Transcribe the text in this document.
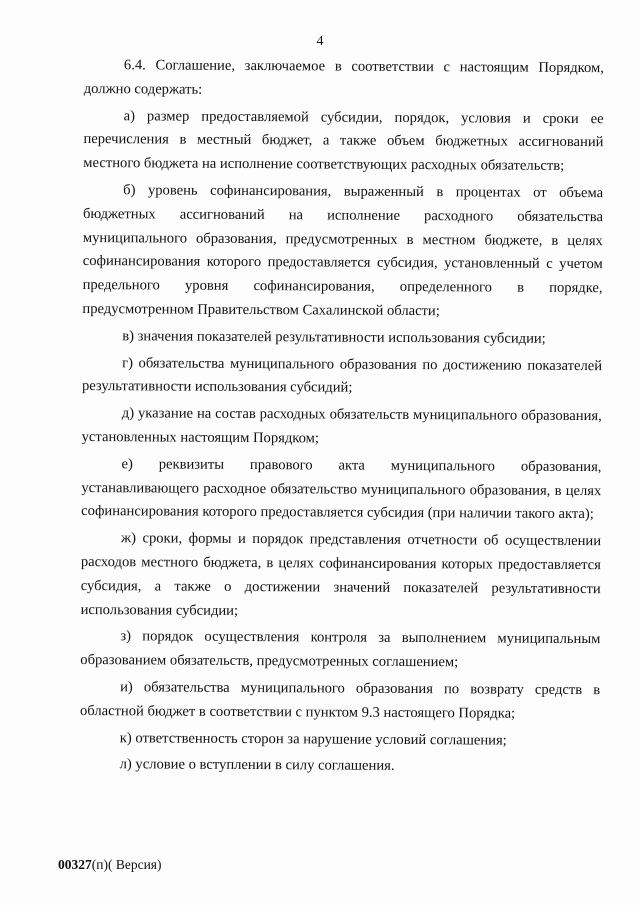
4

6.4. Соглашение, заключаемое в соответствии с настоящим Порядком, должно содержать:

а) размер предоставляемой субсидии, порядок, условия и сроки ее перечисления в местный бюджет, а также объем бюджетных ассигнований местного бюджета на исполнение соответствующих расходных обязательств;

б) уровень софинансирования, выраженный в процентах от объема бюджетных ассигнований на исполнение расходного обязательства муниципального образования, предусмотренных в местном бюджете, в целях софинансирования которого предоставляется субсидия, установленный с учетом предельного уровня софинансирования, определенного в порядке, предусмотренном Правительством Сахалинской области;

в) значения показателей результативности использования субсидии;

г) обязательства муниципального образования по достижению показателей результативности использования субсидий;

д) указание на состав расходных обязательств муниципального образования, установленных настоящим Порядком;

е) реквизиты правового акта муниципального образования, устанавливающего расходное обязательство муниципального образования, в целях софинансирования которого предоставляется субсидия (при наличии такого акта);

ж) сроки, формы и порядок представления отчетности об осуществлении расходов местного бюджета, в целях софинансирования которых предоставляется субсидия, а также о достижении значений показателей результативности использования субсидии;

з) порядок осуществления контроля за выполнением муниципальным образованием обязательств, предусмотренных соглашением;

и) обязательства муниципального образования по возврату средств в областной бюджет в соответствии с пунктом 9.3 настоящего Порядка;

к) ответственность сторон за нарушение условий соглашения;

л) условие о вступлении в силу соглашения.

00327(п)( Версия)
